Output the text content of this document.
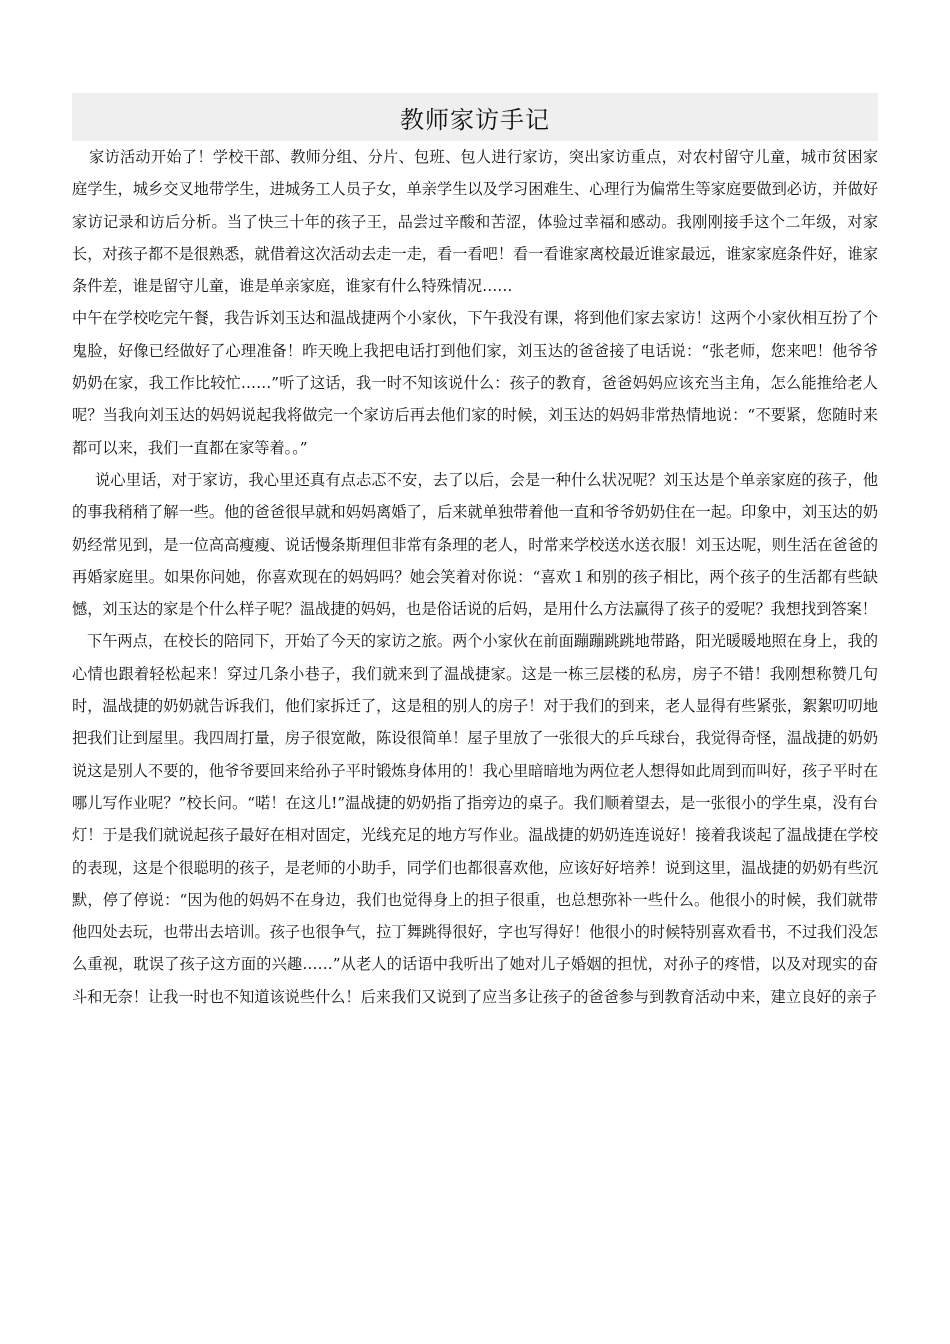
教师家访手记

家访活动开始了！学校干部、教师分组、分片、包班、包人进行家访，突出家访重点，对农村留守儿童，城市贫困家庭学生，城乡交叉地带学生，进城务工人员子女，单亲学生以及学习困难生、心理行为偏常生等家庭要做到必访，并做好家访记录和访后分析。当了快三十年的孩子王，品尝过辛酸和苦涩，体验过幸福和感动。我刚刚接手这个二年级，对家长，对孩子都不是很熟悉，就借着这次活动去走一走，看一看吧！看一看谁家离校最近谁家最远，谁家家庭条件好，谁家条件差，谁是留守儿童，谁是单亲家庭，谁家有什么特殊情况……

中午在学校吃完午餐，我告诉刘玉达和温战捷两个小家伙，下午我没有课，将到他们家去家访！这两个小家伙相互扮了个鬼脸，好像已经做好了心理准备！昨天晚上我把电话打到他们家，刘玉达的爸爸接了电话说：“张老师，您来吧！他爷爷奶奶在家，我工作比较忙……”听了这话，我一时不知该说什么：孩子的教育，爸爸妈妈应该充当主角，怎么能推给老人呢？当我向刘玉达的妈妈说起我将做完一个家访后再去他们家的时候，刘玉达的妈妈非常热情地说：“不要紧，您随时来都可以来，我们一直都在家等着。。”

说心里话，对于家访，我心里还真有点忐忑不安，去了以后，会是一种什么状况呢？刘玉达是个单亲家庭的孩子，他的事我稍稍了解一些。他的爸爸很早就和妈妈离婚了，后来就单独带着他一直和爷爷奶奶住在一起。印象中，刘玉达的奶奶经常见到，是一位高高瘦瘦、说话慢条斯理但非常有条理的老人，时常来学校送水送衣服！刘玉达呢，则生活在爸爸的再婚家庭里。如果你问她，你喜欢现在的妈妈吗？她会笑着对你说：“喜欢１和别的孩子相比，两个孩子的生活都有些缺憾，刘玉达的家是个什么样子呢？温战捷的妈妈，也是俗话说的后妈，是用什么方法赢得了孩子的爱呢？我想找到答案！

下午两点，在校长的陪同下，开始了今天的家访之旅。两个小家伙在前面蹦蹦跳跳地带路，阳光暖暖地照在身上，我的心情也跟着轻松起来！穿过几条小巷子，我们就来到了温战捷家。这是一栋三层楼的私房，房子不错！我刚想称赞几句时，温战捷的奶奶就告诉我们，他们家拆迁了，这是租的别人的房子！对于我们的到来，老人显得有些紧张，絮絮叨叨地把我们让到屋里。我四周打量，房子很宽敞，陈设很简单！屋子里放了一张很大的乒乓球台，我觉得奇怪，温战捷的奶奶说这是别人不要的，他爷爷要回来给孙子平时锻炼身体用的！我心里暗暗地为两位老人想得如此周到而叫好，孩子平时在哪儿写作业呢？”校长问。“喏！在这儿!”温战捷的奶奶指了指旁边的桌子。我们顺着望去，是一张很小的学生桌，没有台灯！于是我们就说起孩子最好在相对固定，光线充足的地方写作业。温战捷的奶奶连连说好！接着我谈起了温战捷在学校的表现，这是个很聪明的孩子，是老师的小助手，同学们也都很喜欢他，应该好好培养！说到这里，温战捷的奶奶有些沉默，停了停说：“因为他的妈妈不在身边，我们也觉得身上的担子很重，也总想弥补一些什么。他很小的时候，我们就带他四处去玩，也带出去培训。孩子也很争气，拉丁舞跳得很好，字也写得好！他很小的时候特别喜欢看书，不过我们没怎么重视，耽误了孩子这方面的兴趣……”从老人的话语中我听出了她对儿子婚姻的担忧，对孙子的疼惜，以及对现实的奋斗和无奈！让我一时也不知道该说些什么！后来我们又说到了应当多让孩子的爸爸参与到教育活动中来，建立良好的亲子
